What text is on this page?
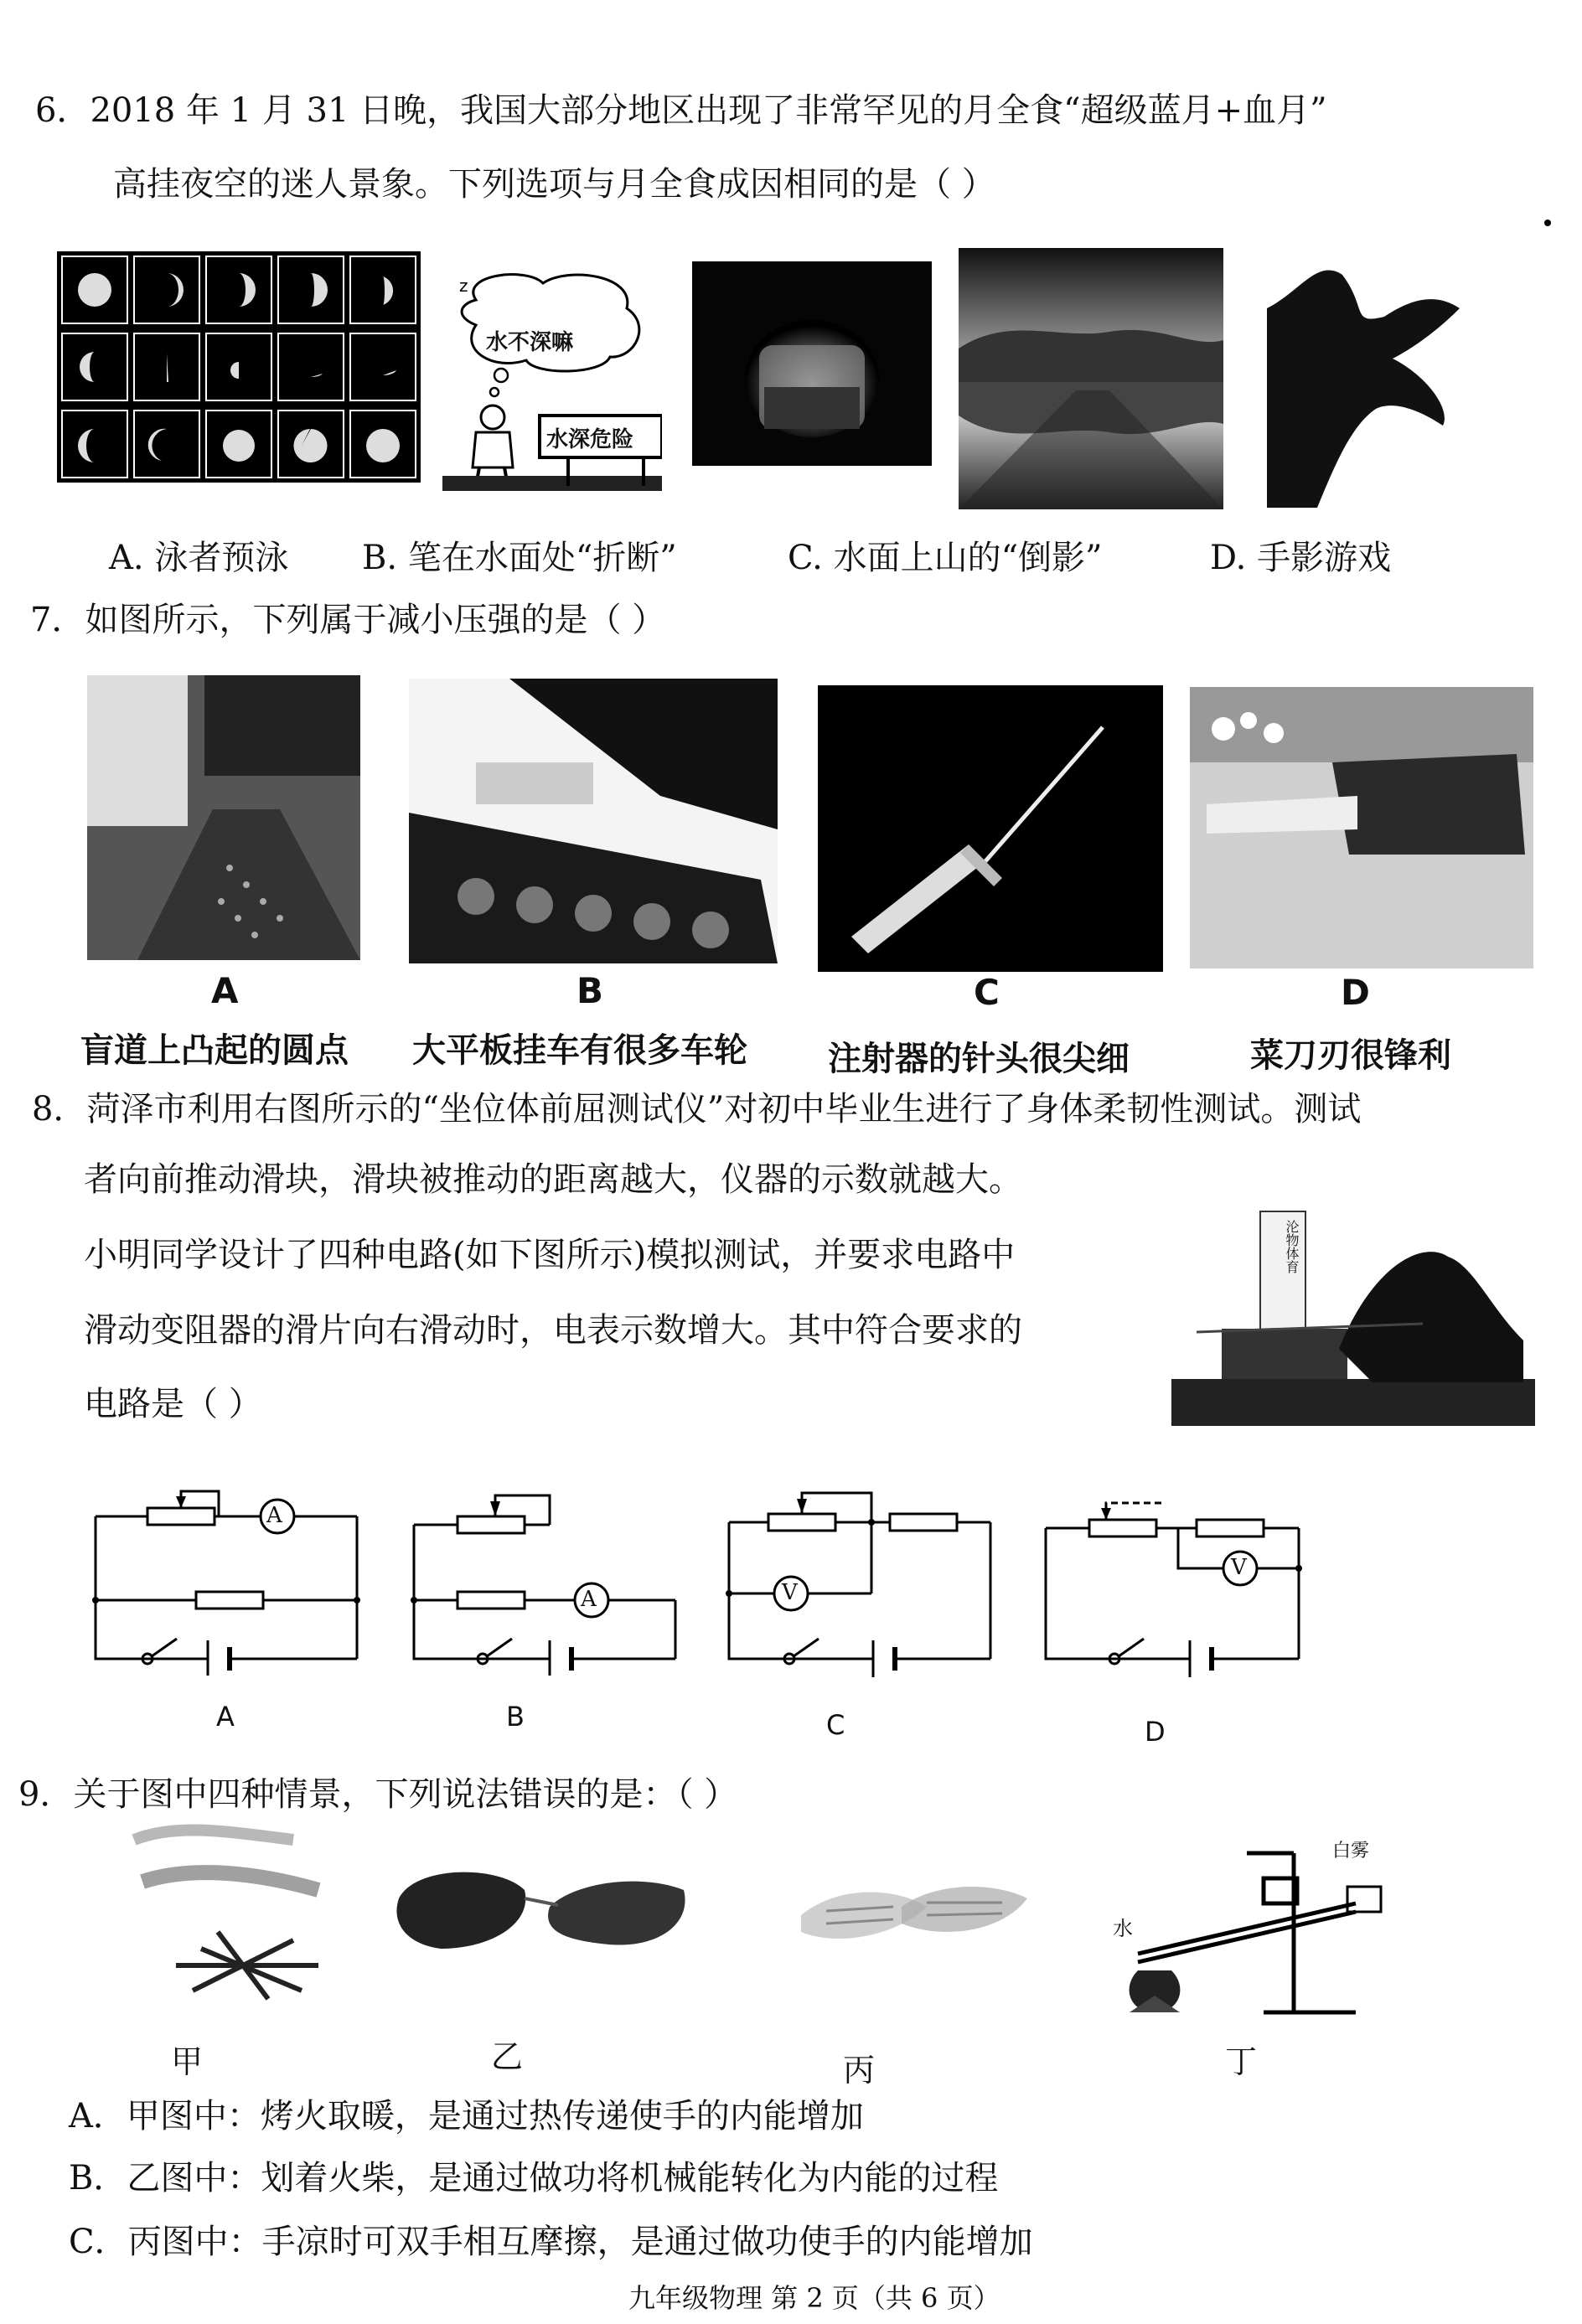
6．2018 年 1 月 31 日晚，我国大部分地区出现了非常罕见的月全食“超级蓝月+血月”
高挂夜空的迷人景象。下列选项与月全食成因相同的是（ ）
z
水不深嘛
水深危险
A. 泳者预泳 B. 笔在水面处“折断”	C. 水面上山的“倒影”	D. 手影游戏
7．如图所示，下列属于减小压强的是（ ）
A	B	C	D
盲道上凸起的圆点 大平板挂车有很多车轮 注射器的针头很尖细	菜刀刃很锋利
8．菏泽市利用右图所示的“坐位体前屈测试仪”对初中毕业生进行了身体柔韧性测试。测试
者向前推动滑块，滑块被推动的距离越大，仪器的示数就越大。
小明同学设计了四种电路(如下图所示)模拟测试，并要求电路中
滑动变阻器的滑片向右滑动时，电表示数增大。其中符合要求的
电路是（ ）
沦物体育
A
A
A
B
V
C
V
D
9．关于图中四种情景，下列说法错误的是：（ ）
白雾
水
甲	乙	丙	丁
A．甲图中：烤火取暖，是通过热传递使手的内能增加
B．乙图中：划着火柴，是通过做功将机械能转化为内能的过程
C．丙图中：手凉时可双手相互摩擦，是通过做功使手的内能增加
九年级物理 第 2 页（共 6 页）
